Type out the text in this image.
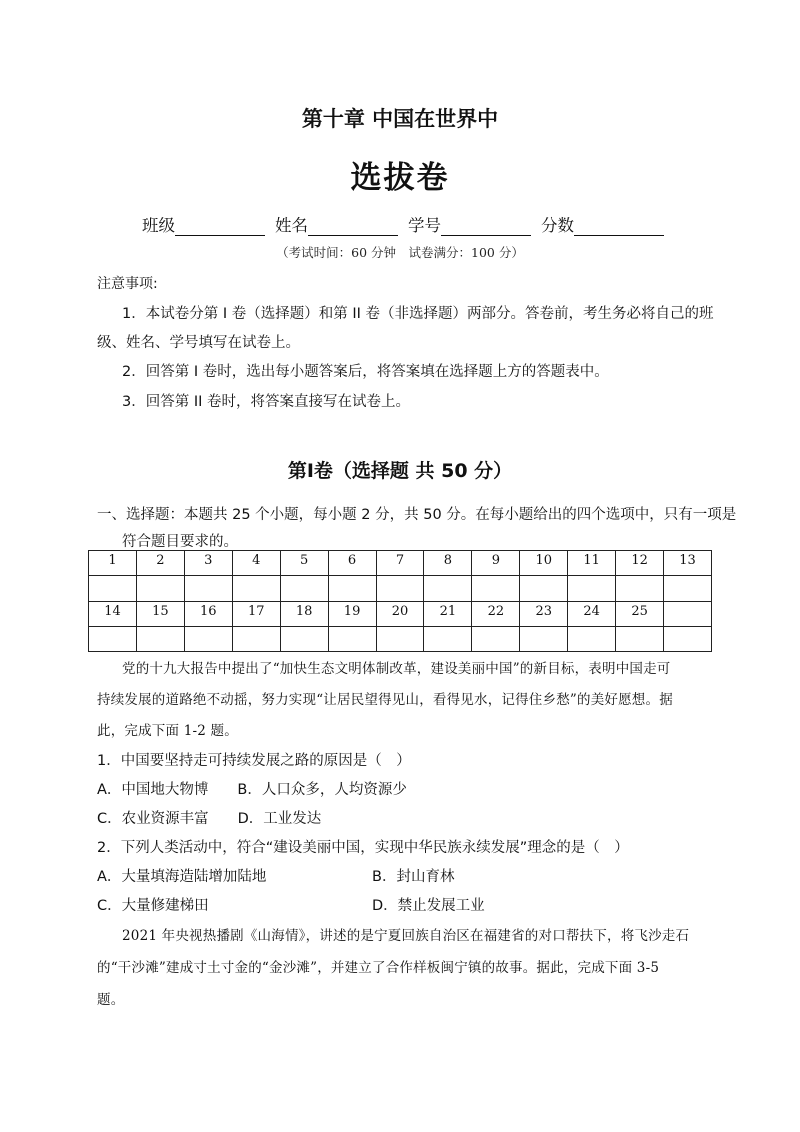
第十章 中国在世界中
选拔卷
班级	姓名	学号	分数
（考试时间：60 分钟　试卷满分：100 分）
注意事项:
1．本试卷分第 I 卷（选择题）和第 II 卷（非选择题）两部分。答卷前，考生务必将自己的班
级、姓名、学号填写在试卷上。
2．回答第 I 卷时，选出每小题答案后，将答案填在选择题上方的答题表中。
3．回答第 II 卷时，将答案直接写在试卷上。
第I卷（选择题 共 50 分）
一、选择题：本题共 25 个小题，每小题 2 分，共 50 分。在每小题给出的四个选项中，只有一项是
符合题目要求的。
1	2	3	4	5	6	7	8	9	10	11	12	13

14	15	16	17	18	19	20	21	22	23	24	25	

党的十九大报告中提出了“加快生态文明体制改革，建设美丽中国”的新目标，表明中国走可
持续发展的道路绝不动摇，努力实现“让居民望得见山，看得见水，记得住乡愁”的美好愿想。据
此，完成下面 1-2 题。
1．中国要坚持走可持续发展之路的原因是（　）
A．中国地大物博　　B．人口众多，人均资源少
C．农业资源丰富　　D．工业发达
2．下列人类活动中，符合“建设美丽中国，实现中华民族永续发展”理念的是（　）
A．大量填海造陆增加陆地	B．封山育林
C．大量修建梯田	D．禁止发展工业
2021 年央视热播剧《山海情》，讲述的是宁夏回族自治区在福建省的对口帮扶下，将飞沙走石
的“干沙滩”建成寸土寸金的“金沙滩”，并建立了合作样板闽宁镇的故事。据此，完成下面 3-5
题。
